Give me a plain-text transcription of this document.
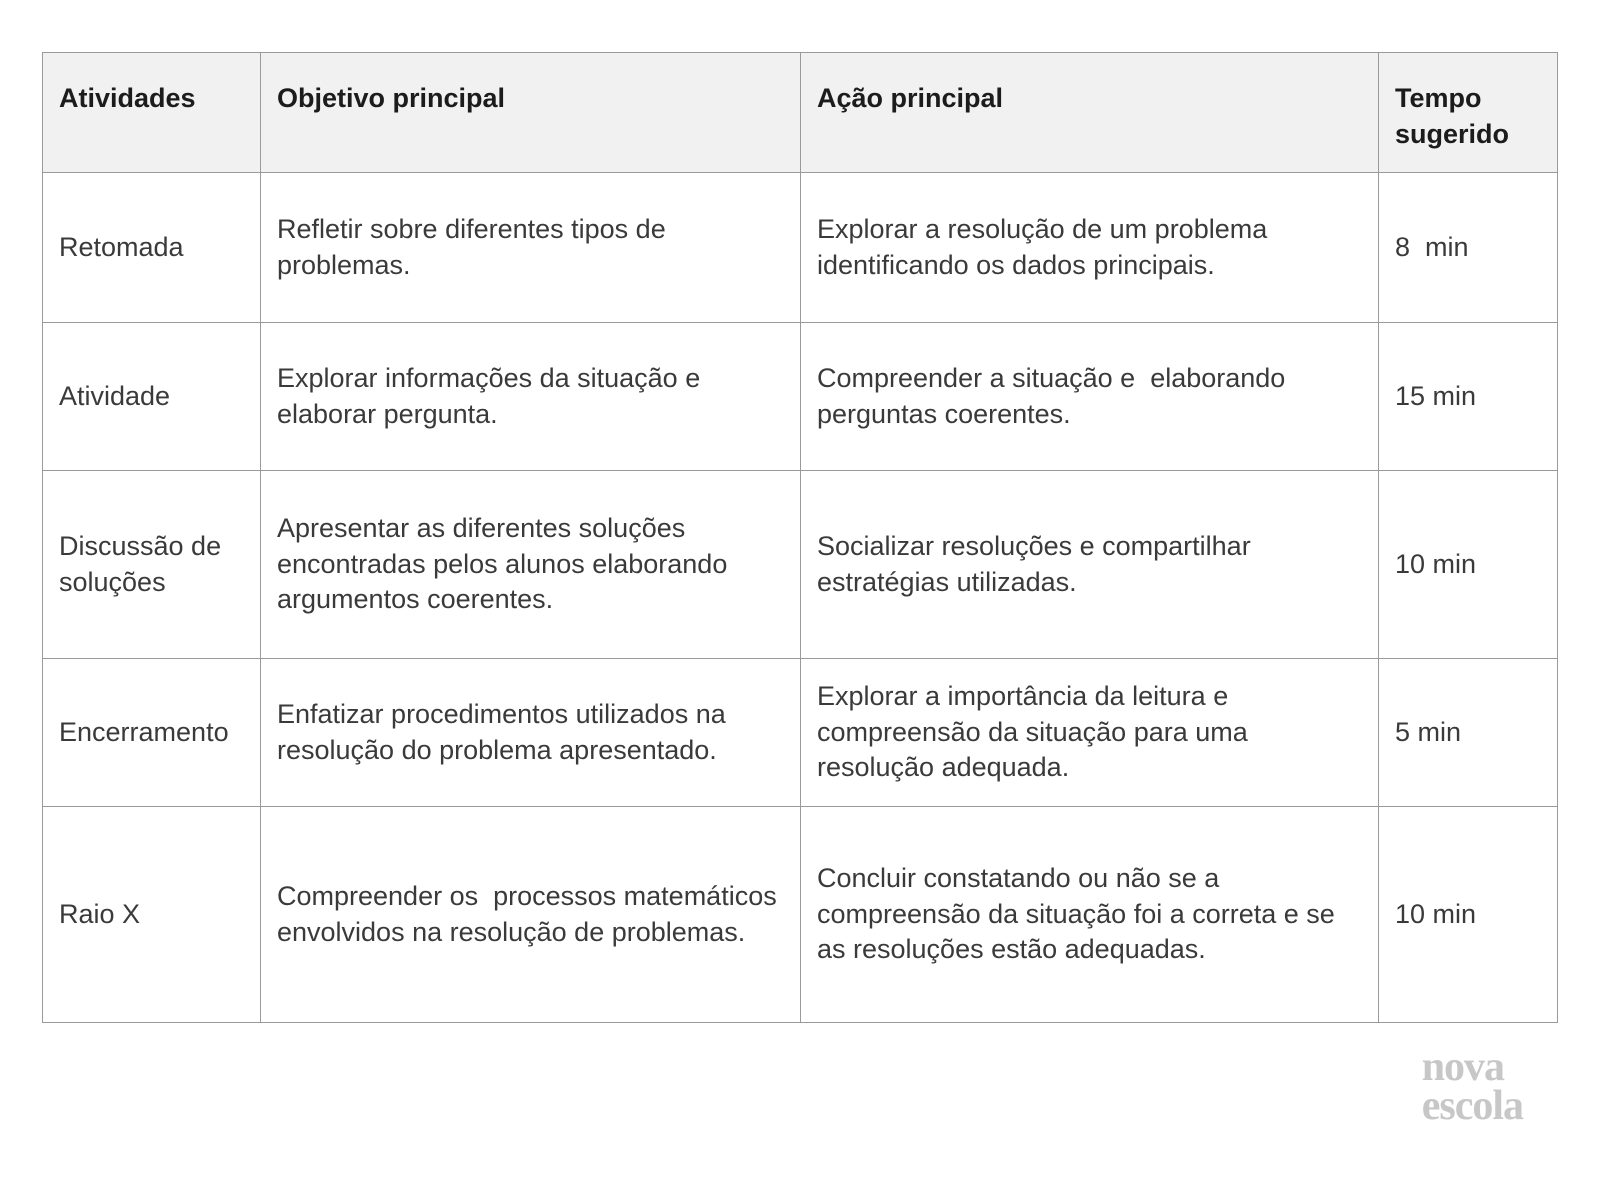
Atividades	Objetivo principal	Ação principal	Tempo sugerido
Retomada	Refletir sobre diferentes tipos de problemas.	Explorar a resolução de um problema identificando os dados principais.	8  min
Atividade	Explorar informações da situação e elaborar pergunta.	Compreender a situação e  elaborando perguntas coerentes.	15 min
Discussão de soluções	Apresentar as diferentes soluções encontradas pelos alunos elaborando argumentos coerentes.	Socializar resoluções e compartilhar estratégias utilizadas.	10 min
Encerramento	Enfatizar procedimentos utilizados na resolução do problema apresentado.	Explorar a importância da leitura e compreensão da situação para uma resolução adequada.	5 min
Raio X	Compreender os  processos matemáticos envolvidos na resolução de problemas.	Concluir constatando ou não se a compreensão da situação foi a correta e se as resoluções estão adequadas.	10 min
nova
escola
